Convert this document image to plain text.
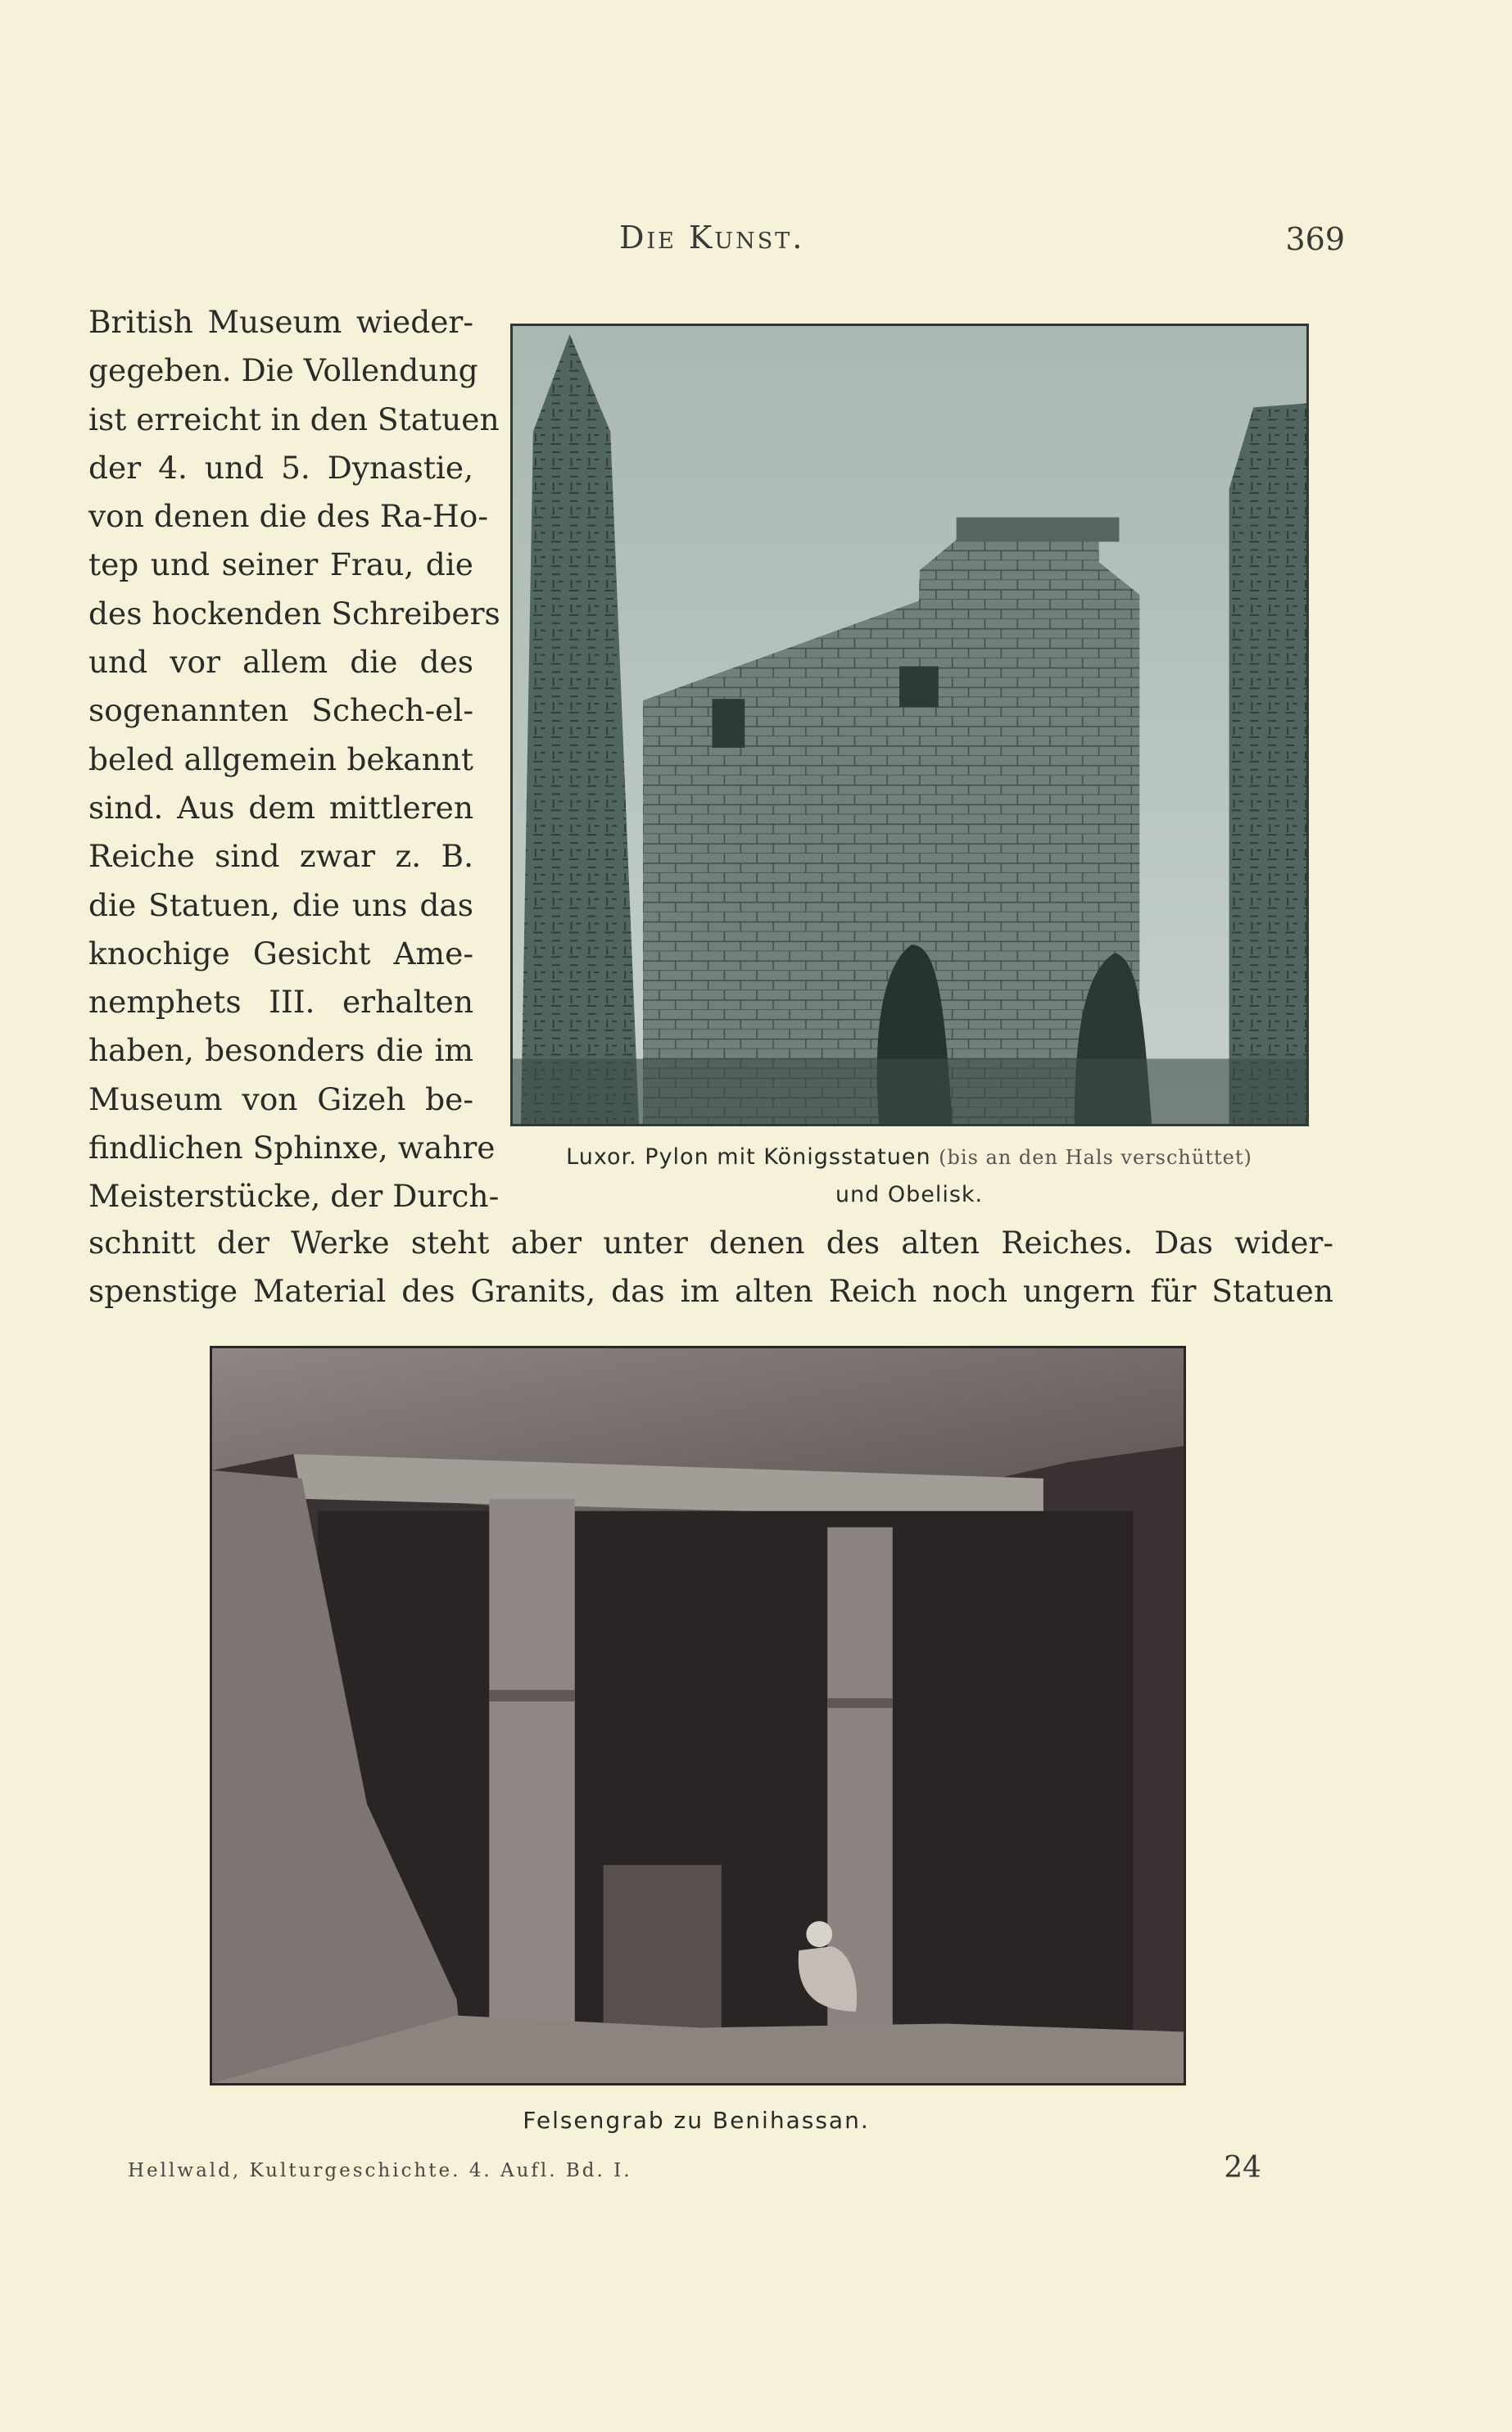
Die Kunst.	369
British Museum wieder-
gegeben. Die Vollendung
ist erreicht in den Statuen
der 4. und 5. Dynastie,
von denen die des Ra-Ho-
tep und seiner Frau, die
des hockenden Schreibers
und vor allem die des
sogenannten Schech-el-
beled allgemein bekannt
sind. Aus dem mittleren
Reiche sind zwar z. B.
die Statuen, die uns das
knochige Gesicht Ame-
nemphets III. erhalten
haben, besonders die im
Museum von Gizeh be-
findlichen Sphinxe, wahre
Meisterstücke, der Durch-
Luxor. Pylon mit Königsstatuen (bis an den Hals verschüttet) und Obelisk.
schnitt der Werke steht aber unter denen des alten Reiches. Das wider-
spenstige Material des Granits, das im alten Reich noch ungern für Statuen
Felsengrab zu Benihassan.
Hellwald, Kulturgeschichte. 4. Aufl. Bd. I.	24
